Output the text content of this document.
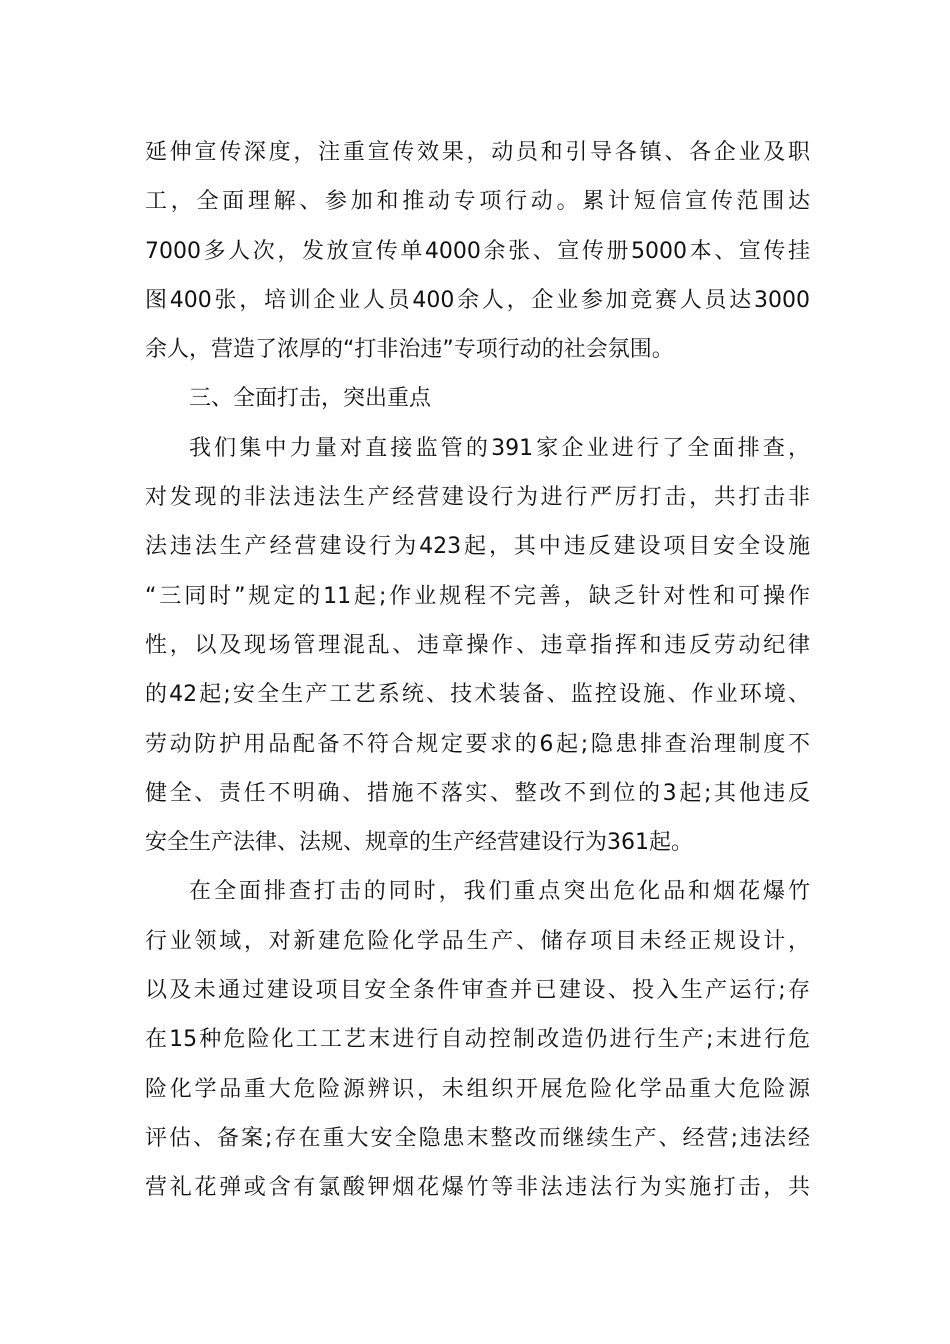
延伸宣传深度，注重宣传效果，动员和引导各镇、各企业及职
工，全面理解、参加和推动专项行动。累计短信宣传范围达
7000多人次，发放宣传单4000余张、宣传册5000本、宣传挂
图400张，培训企业人员400余人，企业参加竞赛人员达3000
余人，营造了浓厚的“打非治违”专项行动的社会氛围。
三、全面打击，突出重点
我们集中力量对直接监管的391家企业进行了全面排查，
对发现的非法违法生产经营建设行为进行严厉打击，共打击非
法违法生产经营建设行为423起，其中违反建设项目安全设施
“三同时”规定的11起;作业规程不完善，缺乏针对性和可操作
性，以及现场管理混乱、违章操作、违章指挥和违反劳动纪律
的42起;安全生产工艺系统、技术装备、监控设施、作业环境、
劳动防护用品配备不符合规定要求的6起;隐患排查治理制度不
健全、责任不明确、措施不落实、整改不到位的3起;其他违反
安全生产法律、法规、规章的生产经营建设行为361起。
在全面排查打击的同时，我们重点突出危化品和烟花爆竹
行业领域，对新建危险化学品生产、储存项目未经正规设计，
以及未通过建设项目安全条件审查并已建设、投入生产运行;存
在15种危险化工工艺末进行自动控制改造仍进行生产;末进行危
险化学品重大危险源辨识，未组织开展危险化学品重大危险源
评估、备案;存在重大安全隐患末整改而继续生产、经营;违法经
营礼花弹或含有氯酸钾烟花爆竹等非法违法行为实施打击，共
